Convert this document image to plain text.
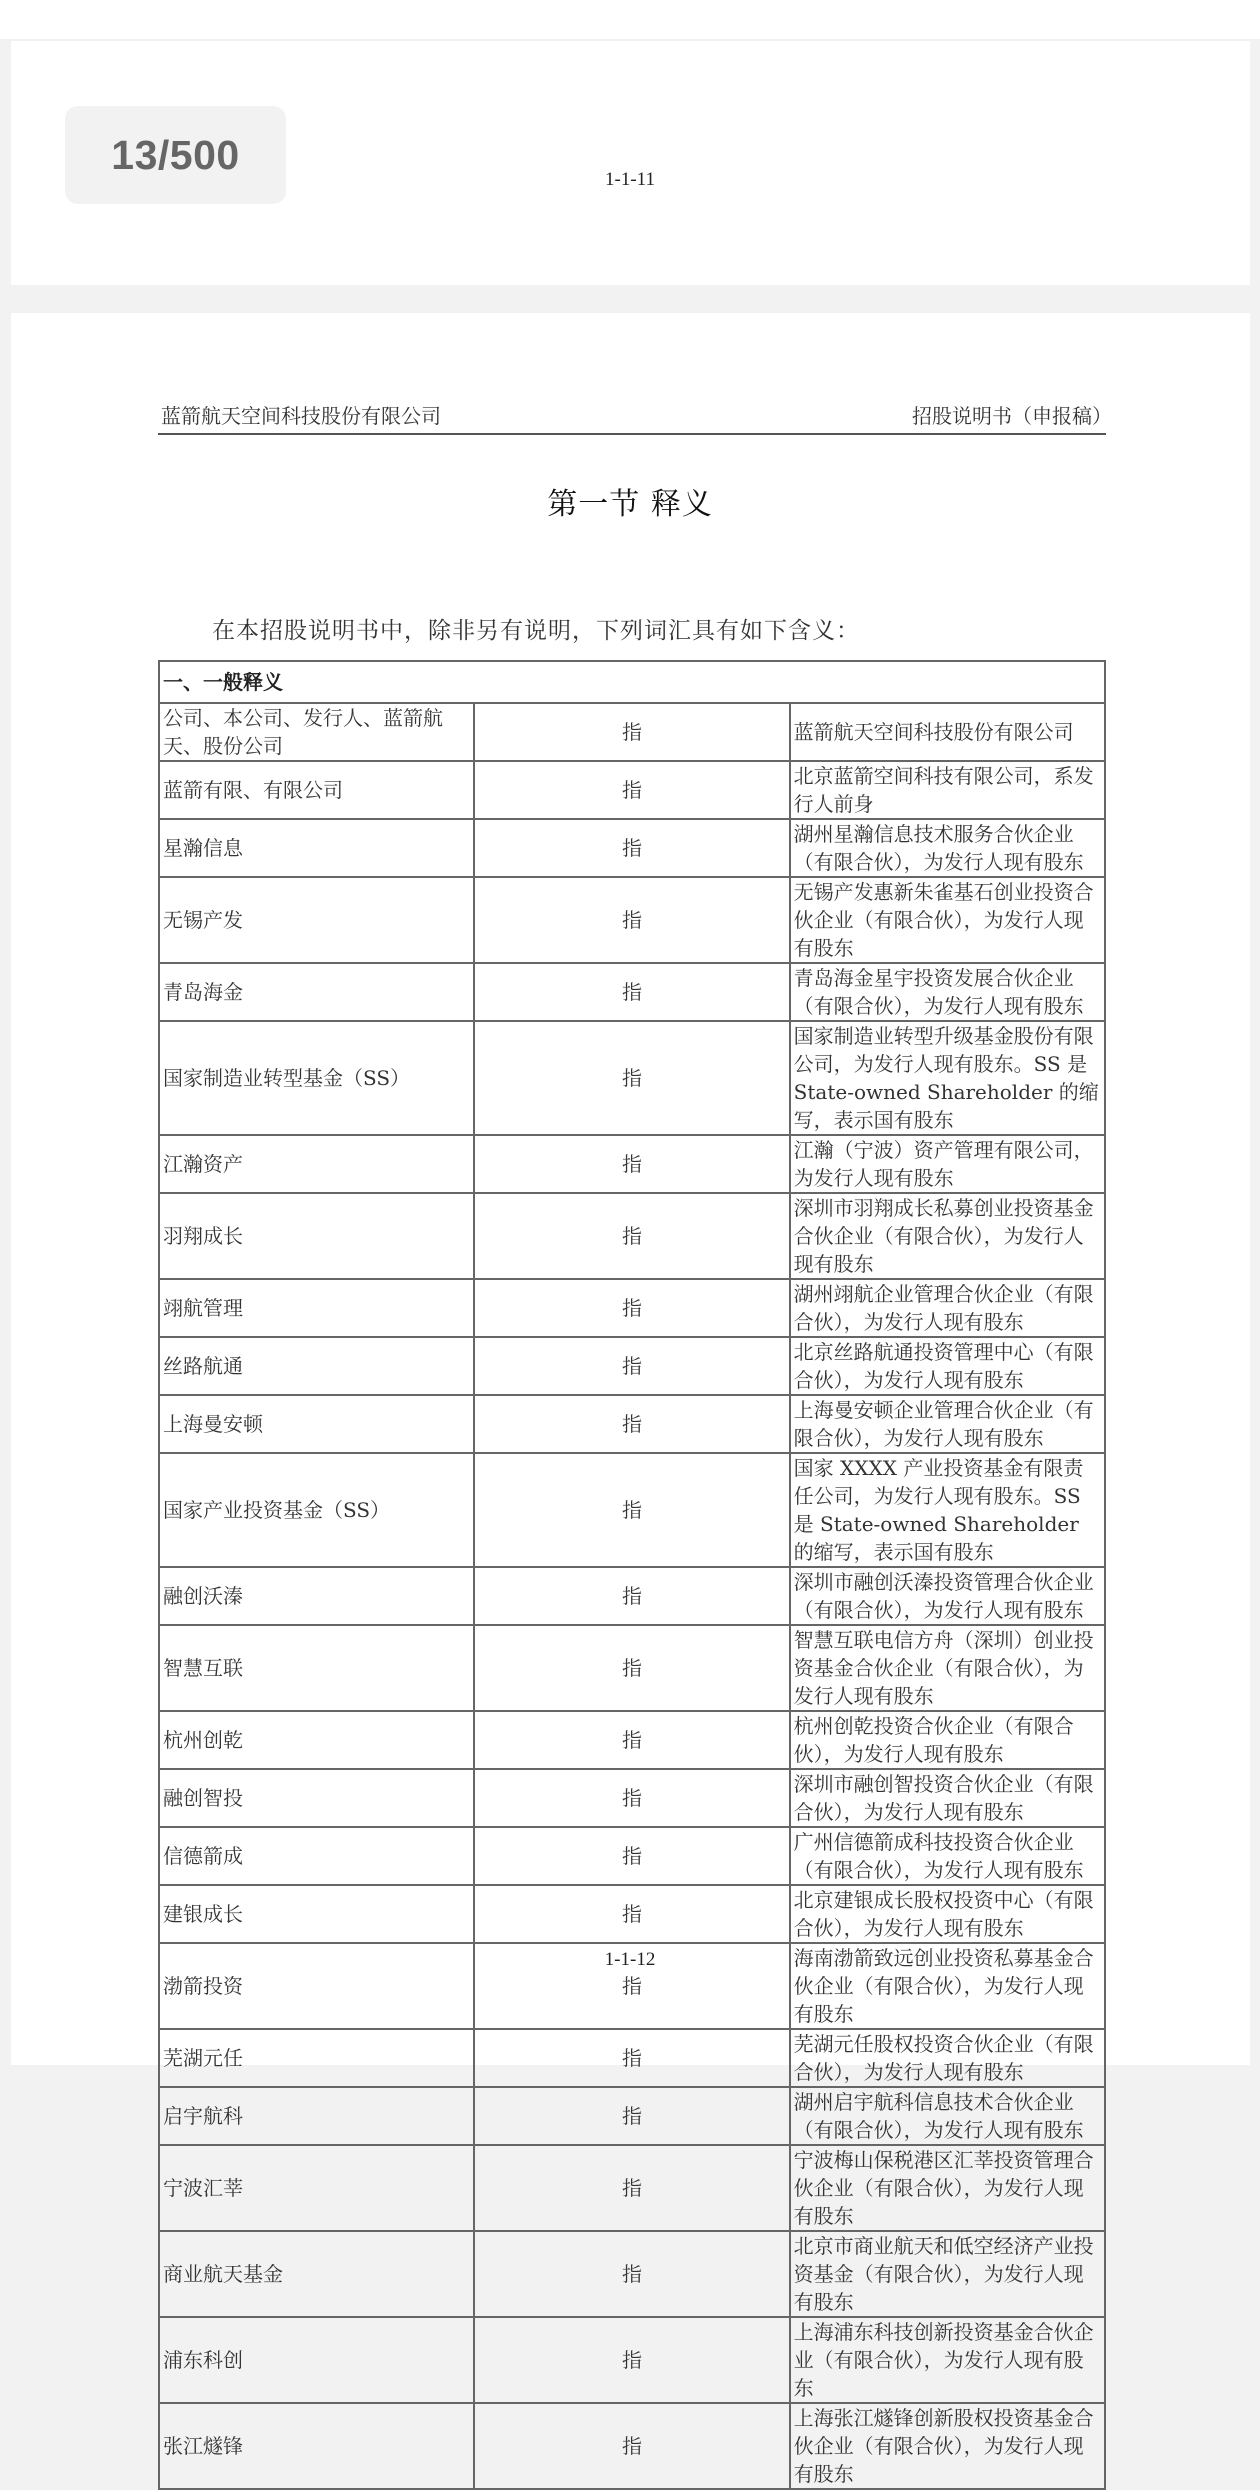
13/500
1-1-11
蓝箭航天空间科技股份有限公司	招股说明书（申报稿）
第一节 释义
在本招股说明书中，除非另有说明，下列词汇具有如下含义：
一、一般释义		
公司、本公司、发行人、蓝箭航天、股份公司	指	蓝箭航天空间科技股份有限公司
蓝箭有限、有限公司	指	北京蓝箭空间科技有限公司，系发行人前身
星瀚信息	指	湖州星瀚信息技术服务合伙企业（有限合伙），为发行人现有股东
无锡产发	指	无锡产发惠新朱雀基石创业投资合伙企业（有限合伙），为发行人现有股东
青岛海金	指	青岛海金星宇投资发展合伙企业（有限合伙），为发行人现有股东
国家制造业转型基金（SS）	指	国家制造业转型升级基金股份有限公司，为发行人现有股东。SS 是 State-owned Shareholder 的缩写，表示国有股东
江瀚资产	指	江瀚（宁波）资产管理有限公司，为发行人现有股东
羽翔成长	指	深圳市羽翔成长私募创业投资基金合伙企业（有限合伙），为发行人现有股东
翊航管理	指	湖州翊航企业管理合伙企业（有限合伙），为发行人现有股东
丝路航通	指	北京丝路航通投资管理中心（有限合伙），为发行人现有股东
上海曼安顿	指	上海曼安顿企业管理合伙企业（有限合伙），为发行人现有股东
国家产业投资基金（SS）	指	国家 XXXX 产业投资基金有限责任公司，为发行人现有股东。SS 是 State-owned Shareholder 的缩写，表示国有股东
融创沃溱	指	深圳市融创沃溱投资管理合伙企业（有限合伙），为发行人现有股东
智慧互联	指	智慧互联电信方舟（深圳）创业投资基金合伙企业（有限合伙），为发行人现有股东
杭州创乾	指	杭州创乾投资合伙企业（有限合伙），为发行人现有股东
融创智投	指	深圳市融创智投资合伙企业（有限合伙），为发行人现有股东
信德箭成	指	广州信德箭成科技投资合伙企业（有限合伙），为发行人现有股东
建银成长	指	北京建银成长股权投资中心（有限合伙），为发行人现有股东
渤箭投资	指	海南渤箭致远创业投资私募基金合伙企业（有限合伙），为发行人现有股东
芜湖元任	指	芜湖元任股权投资合伙企业（有限合伙），为发行人现有股东
启宇航科	指	湖州启宇航科信息技术合伙企业（有限合伙），为发行人现有股东
宁波汇莘	指	宁波梅山保税港区汇莘投资管理合伙企业（有限合伙），为发行人现有股东
商业航天基金	指	北京市商业航天和低空经济产业投资基金（有限合伙），为发行人现有股东
浦东科创	指	上海浦东科技创新投资基金合伙企业（有限合伙），为发行人现有股东
张江燧锋	指	上海张江燧锋创新股权投资基金合伙企业（有限合伙），为发行人现有股东
1-1-12
